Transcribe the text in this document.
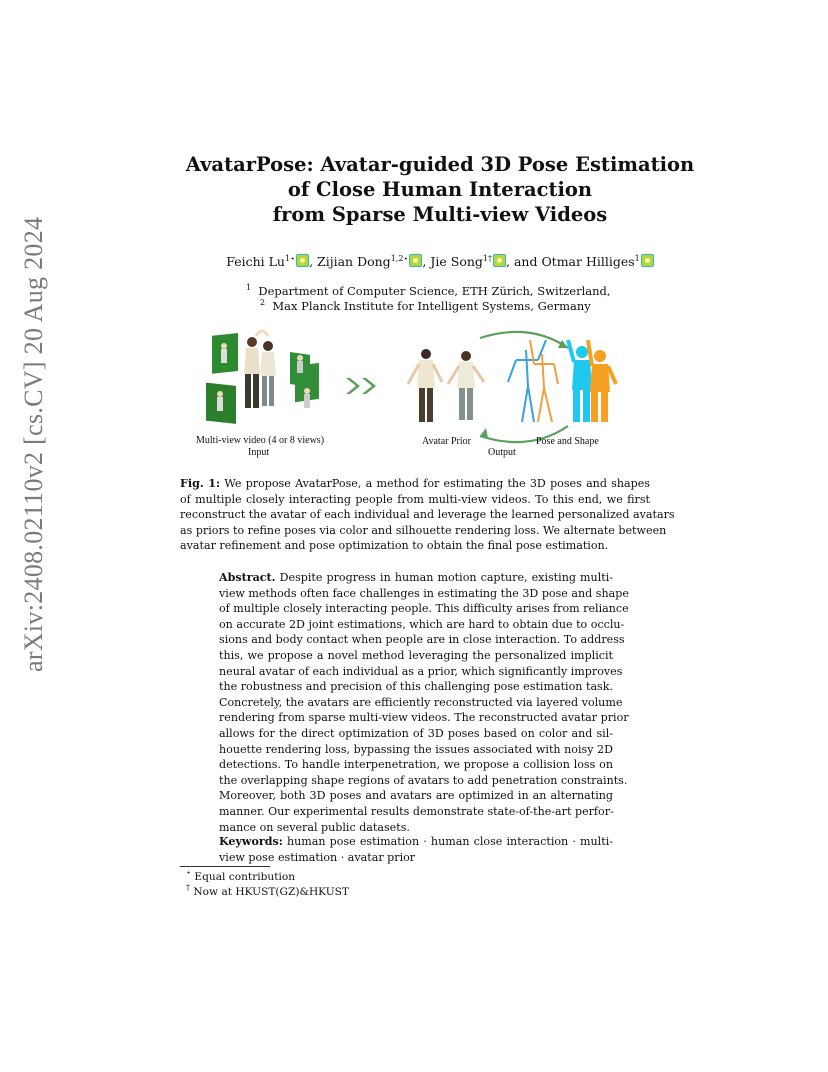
arXiv:2408.02110v2 [cs.CV] 20 Aug 2024
AvatarPose: Avatar-guided 3D Pose Estimation
of Close Human Interaction
from Sparse Multi-view Videos
Feichi $Lu^{1⋆}$ , Zijian Dong$^{1,2⋆}$ , Jie Song$^{1\dagger}$ , and Otmar Hilliges$^1$
$^1$ Department of Computer Science, ETH Zürich, Switzerland,
$^2$ Max Planck Institute for Intelligent Systems, Germany
Multi-view video (4 or 8 views)
Input
Avatar Prior	Pose and Shape
Output
Fig. 1: We propose AvatarPose, a method for estimating the 3D poses and shapes
of multiple closely interacting people from multi-view videos. To this end, we first
reconstruct the avatar of each individual and leverage the learned personalized avatars
as priors to refine poses via color and silhouette rendering loss. We alternate between
avatar refinement and pose optimization to obtain the final pose estimation.
Abstract. Despite progress in human motion capture, existing multi-
view methods often face challenges in estimating the 3D pose and shape
of multiple closely interacting people. This difficulty arises from reliance
on accurate 2D joint estimations, which are hard to obtain due to occlu-
sions and body contact when people are in close interaction. To address
this, we propose a novel method leveraging the personalized implicit
neural avatar of each individual as a prior, which significantly improves
the robustness and precision of this challenging pose estimation task.
Concretely, the avatars are efficiently reconstructed via layered volume
rendering from sparse multi-view videos. The reconstructed avatar prior
allows for the direct optimization of 3D poses based on color and sil-
houette rendering loss, bypassing the issues associated with noisy 2D
detections. To handle interpenetration, we propose a collision loss on
the overlapping shape regions of avatars to add penetration constraints.
Moreover, both 3D poses and avatars are optimized in an alternating
manner. Our experimental results demonstrate state-of-the-art perfor-
mance on several public datasets.
Keywords: human pose estimation · human close interaction · multi-
view pose estimation · avatar prior
⋆ Equal contribution
† Now at HKUST(GZ)&HKUST
